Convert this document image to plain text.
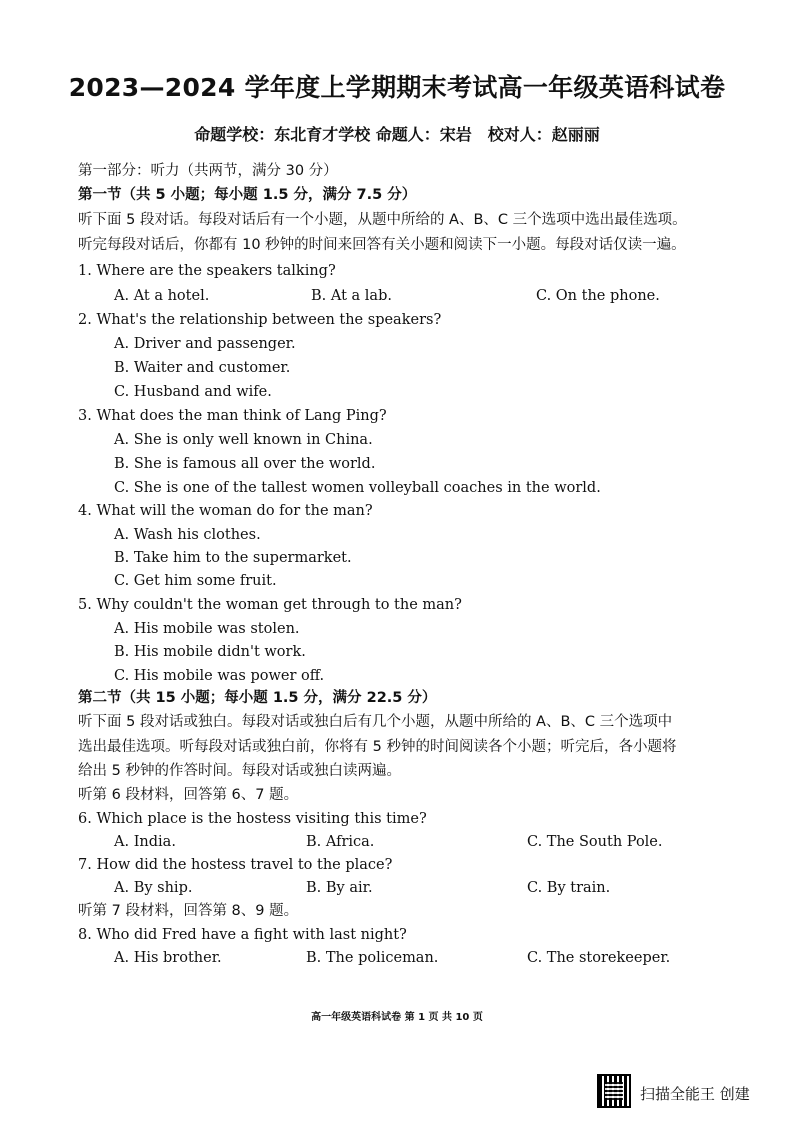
2023—2024 学年度上学期期末考试高一年级英语科试卷
命题学校：东北育才学校 命题人：宋岩　校对人：赵丽丽
第一部分：听力（共两节，满分 30 分）
第一节（共 5 小题；每小题 1.5 分，满分 7.5 分）
听下面 5 段对话。每段对话后有一个小题，从题中所给的 A、B、C 三个选项中选出最佳选项。
听完每段对话后，你都有 10 秒钟的时间来回答有关小题和阅读下一小题。每段对话仅读一遍。
1. Where are the speakers talking?
A. At a hotel.	B. At a lab.	C. On the phone.
2. What's the relationship between the speakers?
A. Driver and passenger.
B. Waiter and customer.
C. Husband and wife.
3. What does the man think of Lang Ping?
A. She is only well known in China.
B. She is famous all over the world.
C. She is one of the tallest women volleyball coaches in the world.
4. What will the woman do for the man?
A. Wash his clothes.
B. Take him to the supermarket.
C. Get him some fruit.
5. Why couldn't the woman get through to the man?
A. His mobile was stolen.
B. His mobile didn't work.
C. His mobile was power off.
第二节（共 15 小题；每小题 1.5 分，满分 22.5 分）
听下面 5 段对话或独白。每段对话或独白后有几个小题，从题中所给的 A、B、C 三个选项中
选出最佳选项。听每段对话或独白前，你将有 5 秒钟的时间阅读各个小题；听完后，各小题将
给出 5 秒钟的作答时间。每段对话或独白读两遍。
听第 6 段材料，回答第 6、7 题。
6. Which place is the hostess visiting this time?
A. India.	B. Africa.	C. The South Pole.
7. How did the hostess travel to the place?
A. By ship.	B. By air.	C. By train.
听第 7 段材料，回答第 8、9 题。
8. Who did Fred have a fight with last night?
A. His brother.	B. The policeman.	C. The storekeeper.
高一年级英语科试卷 第 1 页 共 10 页
扫描全能王 创建
